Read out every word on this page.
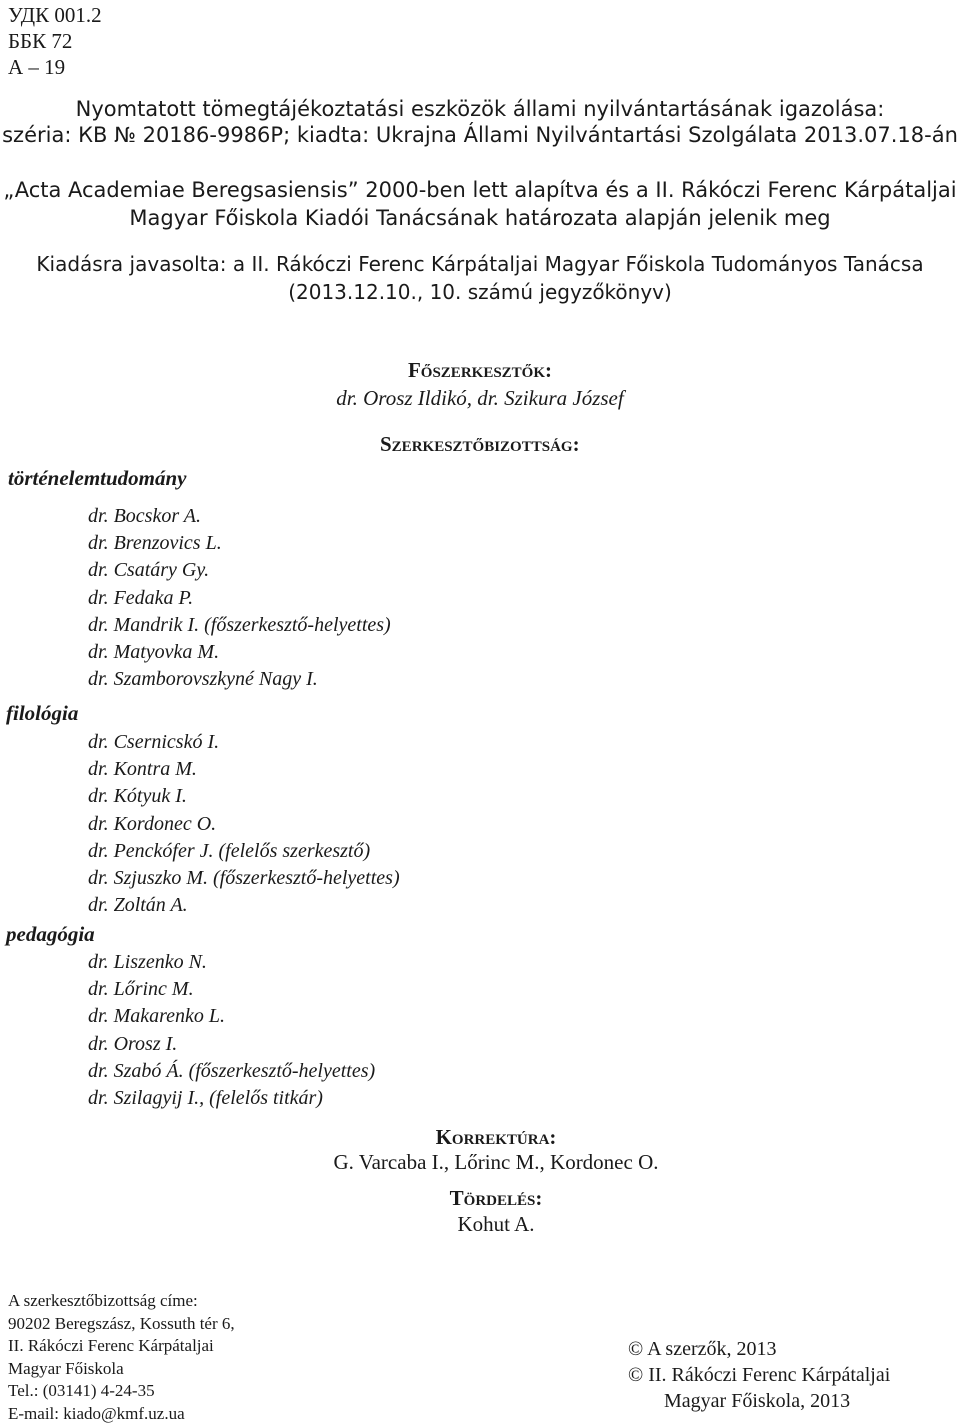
УДК 001.2
ББК 72
А – 19
Nyomtatott tömegtájékoztatási eszközök állami nyilvántartásának igazolása:
széria: КВ № 20186-9986Р; kiadta: Ukrajna Állami Nyilvántartási Szolgálata 2013.07.18-án
„Acta Academiae Beregsasiensis” 2000-ben lett alapítva és a II. Rákóczi Ferenc Kárpátaljai
Magyar Főiskola Kiadói Tanácsának határozata alapján jelenik meg
Kiadásra javasolta: a II. Rákóczi Ferenc Kárpátaljai Magyar Főiskola Tudományos Tanácsa
(2013.12.10., 10. számú jegyzőkönyv)
Főszerkesztők:
dr. Orosz Ildikó, dr. Szikura József
Szerkesztőbizottság:
történelemtudomány
dr. Bocskor A.
dr. Brenzovics L.
dr. Csatáry Gy.
dr. Fedaka P.
dr. Mandrik I. (főszerkesztő-helyettes)
dr. Matyovka M.
dr. Szamborovszkyné Nagy I.
filológia
dr. Csernicskó I.
dr. Kontra M.
dr. Kótyuk I.
dr. Kordonec O.
dr. Penckófer J. (felelős szerkesztő)
dr. Szjuszko M. (főszerkesztő-helyettes)
dr. Zoltán A.
pedagógia
dr. Liszenko N.
dr. Lőrinc M.
dr. Makarenko L.
dr. Orosz I.
dr. Szabó Á. (főszerkesztő-helyettes)
dr. Szilagyij I., (felelős titkár)
Korrektúra:
G. Varcaba I., Lőrinc M., Kordonec O.
Tördelés:
Kohut A.
A szerkesztőbizottság címe:
90202 Beregszász, Kossuth tér 6,
II. Rákóczi Ferenc Kárpátaljai
Magyar Főiskola
Tel.: (03141) 4-24-35
E-mail: kiado@kmf.uz.ua
© A szerzők, 2013
© II. Rákóczi Ferenc Kárpátaljai
Magyar Főiskola, 2013
